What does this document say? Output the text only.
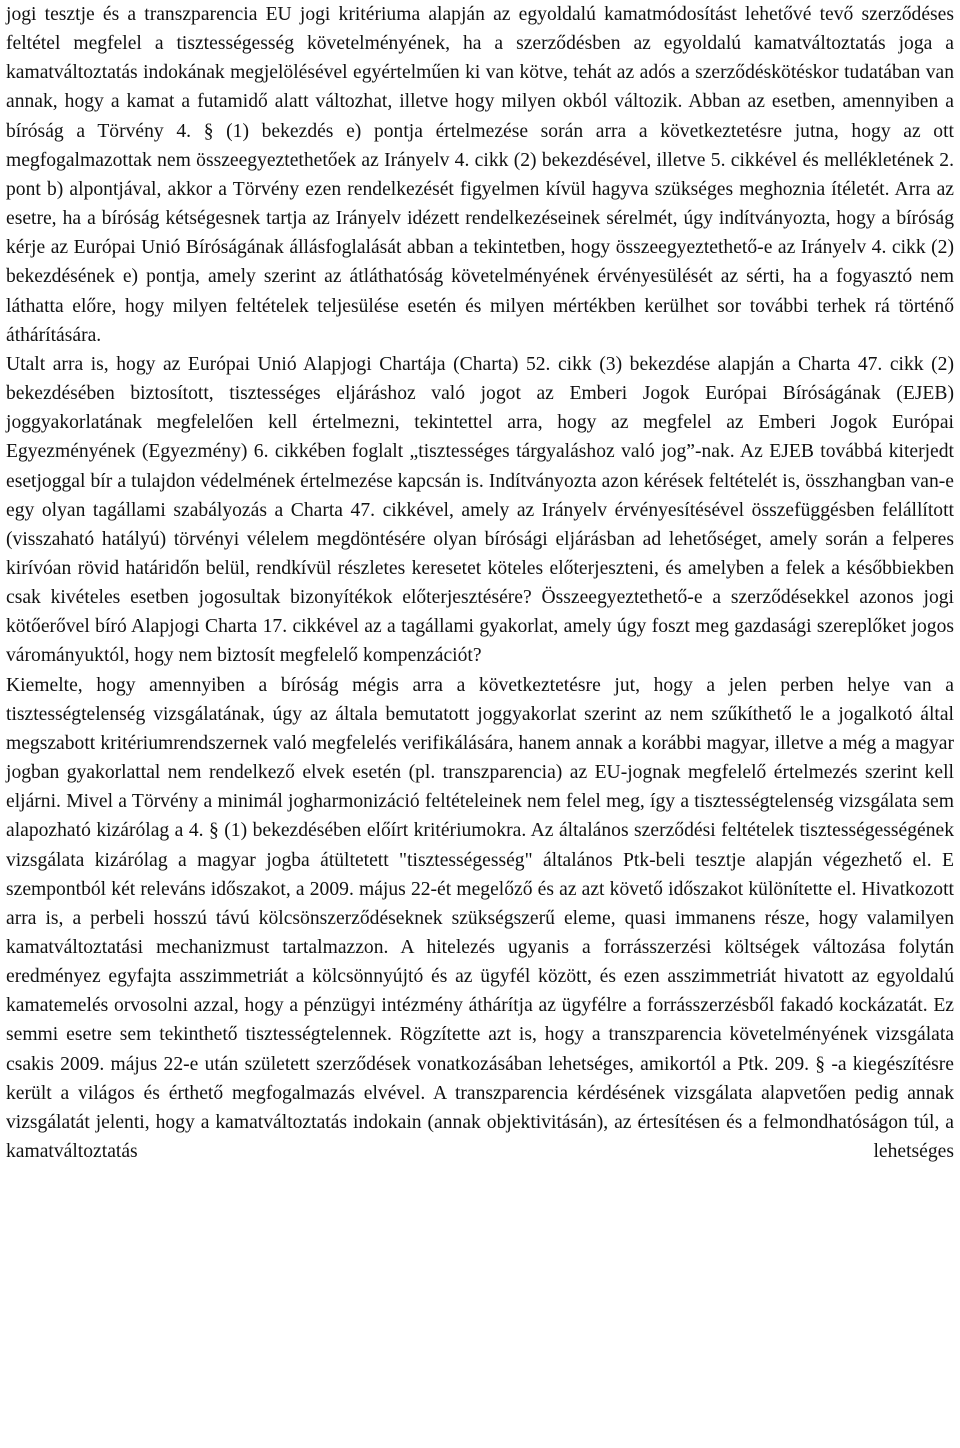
jogi tesztje és a transzparencia EU jogi kritériuma alapján az egyoldalú kamatmódosítást lehetővé tevő szerződéses feltétel megfelel a tisztességesség követelményének, ha a szerződésben az egyoldalú kamatváltoztatás joga a kamatváltoztatás indokának megjelölésével egyértelműen ki van kötve, tehát az adós a szerződéskötéskor tudatában van annak, hogy a kamat a futamidő alatt változhat, illetve hogy milyen okból változik. Abban az esetben, amennyiben a bíróság a Törvény 4. § (1) bekezdés e) pontja értelmezése során arra a következtetésre jutna, hogy az ott megfogalmazottak nem összeegyeztethetőek az Irányelv 4. cikk (2) bekezdésével, illetve 5. cikkével és mellékletének 2. pont b) alpontjával, akkor a Törvény ezen rendelkezését figyelmen kívül hagyva szükséges meghoznia ítéletét. Arra az esetre, ha a bíróság kétségesnek tartja az Irányelv idézett rendelkezéseinek sérelmét, úgy indítványozta, hogy a bíróság kérje az Európai Unió Bíróságának állásfoglalását abban a tekintetben, hogy összeegyeztethető-e az Irányelv 4. cikk (2) bekezdésének e) pontja, amely szerint az átláthatóság követelményének érvényesülését az sérti, ha a fogyasztó nem láthatta előre, hogy milyen feltételek teljesülése esetén és milyen mértékben kerülhet sor további terhek rá történő áthárítására.

Utalt arra is, hogy az Európai Unió Alapjogi Chartája (Charta) 52. cikk (3) bekezdése alapján a Charta 47. cikk (2) bekezdésében biztosított, tisztességes eljáráshoz való jogot az Emberi Jogok Európai Bíróságának (EJEB) joggyakorlatának megfelelően kell értelmezni, tekintettel arra, hogy az megfelel az Emberi Jogok Európai Egyezményének (Egyezmény) 6. cikkében foglalt „tisztességes tárgyaláshoz való jog”-nak. Az EJEB továbbá kiterjedt esetjoggal bír a tulajdon védelmének értelmezése kapcsán is. Indítványozta azon kérések feltételét is, összhangban van-e egy olyan tagállami szabályozás a Charta 47. cikkével, amely az Irányelv érvényesítésével összefüggésben felállított (visszaható hatályú) törvényi vélelem megdöntésére olyan bírósági eljárásban ad lehetőséget, amely során a felperes kirívóan rövid határidőn belül, rendkívül részletes keresetet köteles előterjeszteni, és amelyben a felek a későbbiekben csak kivételes esetben jogosultak bizonyítékok előterjesztésére? Összeegyeztethető-e a szerződésekkel azonos jogi kötőerővel bíró Alapjogi Charta 17. cikkével az a tagállami gyakorlat, amely úgy foszt meg gazdasági szereplőket jogos várományuktól, hogy nem biztosít megfelelő kompenzációt?

Kiemelte, hogy amennyiben a bíróság mégis arra a következtetésre jut, hogy a jelen perben helye van a tisztességtelenség vizsgálatának, úgy az általa bemutatott joggyakorlat szerint az nem szűkíthető le a jogalkotó által megszabott kritériumrendszernek való megfelelés verifikálására, hanem annak a korábbi magyar, illetve a még a magyar jogban gyakorlattal nem rendelkező elvek esetén (pl. transzparencia) az EU-jognak megfelelő értelmezés szerint kell eljárni. Mivel a Törvény a minimál jogharmonizáció feltételeinek nem felel meg, így a tisztességtelenség vizsgálata sem alapozható kizárólag a 4. § (1) bekezdésében előírt kritériumokra. Az általános szerződési feltételek tisztességességének vizsgálata kizárólag a magyar jogba átültetett "tisztességesség" általános Ptk-beli tesztje alapján végezhető el. E szempontból két releváns időszakot, a 2009. május 22-ét megelőző és az azt követő időszakot különítette el. Hivatkozott arra is, a perbeli hosszú távú kölcsönszerződéseknek szükségszerű eleme, quasi immanens része, hogy valamilyen kamatváltoztatási mechanizmust tartalmazzon. A hitelezés ugyanis a forrásszerzési költségek változása folytán eredményez egyfajta asszimmetriát a kölcsönnyújtó és az ügyfél között, és ezen asszimmetriát hivatott az egyoldalú kamatemelés orvosolni azzal, hogy a pénzügyi intézmény áthárítja az ügyfélre a forrásszerzésből fakadó kockázatát. Ez semmi esetre sem tekinthető tisztességtelennek. Rögzítette azt is, hogy a transzparencia követelményének vizsgálata csakis 2009. május 22-e után született szerződések vonatkozásában lehetséges, amikortól a Ptk. 209. § -a kiegészítésre került a világos és érthető megfogalmazás elvével. A transzparencia kérdésének vizsgálata alapvetően pedig annak vizsgálatát jelenti, hogy a kamatváltoztatás indokain (annak objektivitásán), az értesítésen és a felmondhatóságon túl, a kamatváltoztatás lehetséges
